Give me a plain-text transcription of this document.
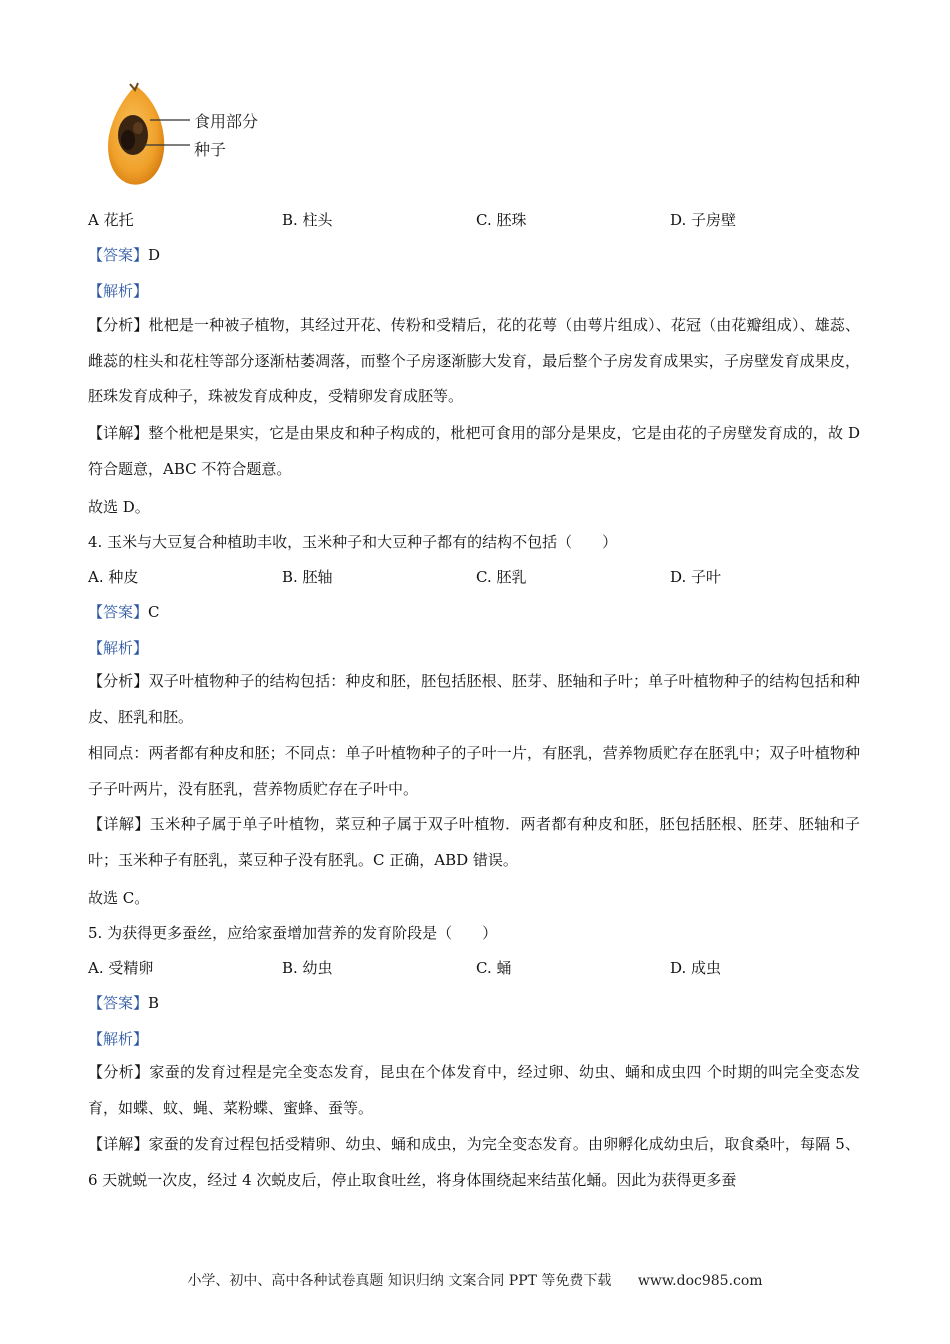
食用部分
种子
A 花托	B. 柱头	C. 胚珠	D. 子房壁
【答案】D
【解析】
【分析】枇杷是一种被子植物，其经过开花、传粉和受精后，花的花萼（由萼片组成）、花冠（由花瓣组成）、雄蕊、雌蕊的柱头和花柱等部分逐渐枯萎凋落，而整个子房逐渐膨大发育，最后整个子房发育成果实，子房壁发育成果皮，胚珠发育成种子，珠被发育成种皮，受精卵发育成胚等。
【详解】整个枇杷是果实，它是由果皮和种子构成的，枇杷可食用的部分是果皮，它是由花的子房壁发育成的，故 D 符合题意，ABC 不符合题意。
故选 D。
4. 玉米与大豆复合种植助丰收，玉米种子和大豆种子都有的结构不包括（　　）
A. 种皮	B. 胚轴	C. 胚乳	D. 子叶
【答案】C
【解析】
【分析】双子叶植物种子的结构包括：种皮和胚，胚包括胚根、胚芽、胚轴和子叶；单子叶植物种子的结构包括和种皮、胚乳和胚。
相同点：两者都有种皮和胚；不同点：单子叶植物种子的子叶一片，有胚乳，营养物质贮存在胚乳中；双子叶植物种子子叶两片，没有胚乳，营养物质贮存在子叶中。
【详解】玉米种子属于单子叶植物，菜豆种子属于双子叶植物．两者都有种皮和胚，胚包括胚根、胚芽、胚轴和子叶；玉米种子有胚乳，菜豆种子没有胚乳。C 正确，ABD 错误。
故选 C。
5. 为获得更多蚕丝，应给家蚕增加营养的发育阶段是（　　）
A. 受精卵	B. 幼虫	C. 蛹	D. 成虫
【答案】B
【解析】
【分析】家蚕的发育过程是完全变态发育，昆虫在个体发育中，经过卵、幼虫、蛹和成虫四 个时期的叫完全变态发育，如蝶、蚊、蝇、菜粉蝶、蜜蜂、蚕等。
【详解】家蚕的发育过程包括受精卵、幼虫、蛹和成虫，为完全变态发育。由卵孵化成幼虫后，取食桑叶，每隔 5、6 天就蜕一次皮，经过 4 次蜕皮后，停止取食吐丝，将身体围绕起来结茧化蛹。因此为获得更多蚕
小学、初中、高中各种试卷真题 知识归纳 文案合同 PPT 等免费下载 www.doc985.com
